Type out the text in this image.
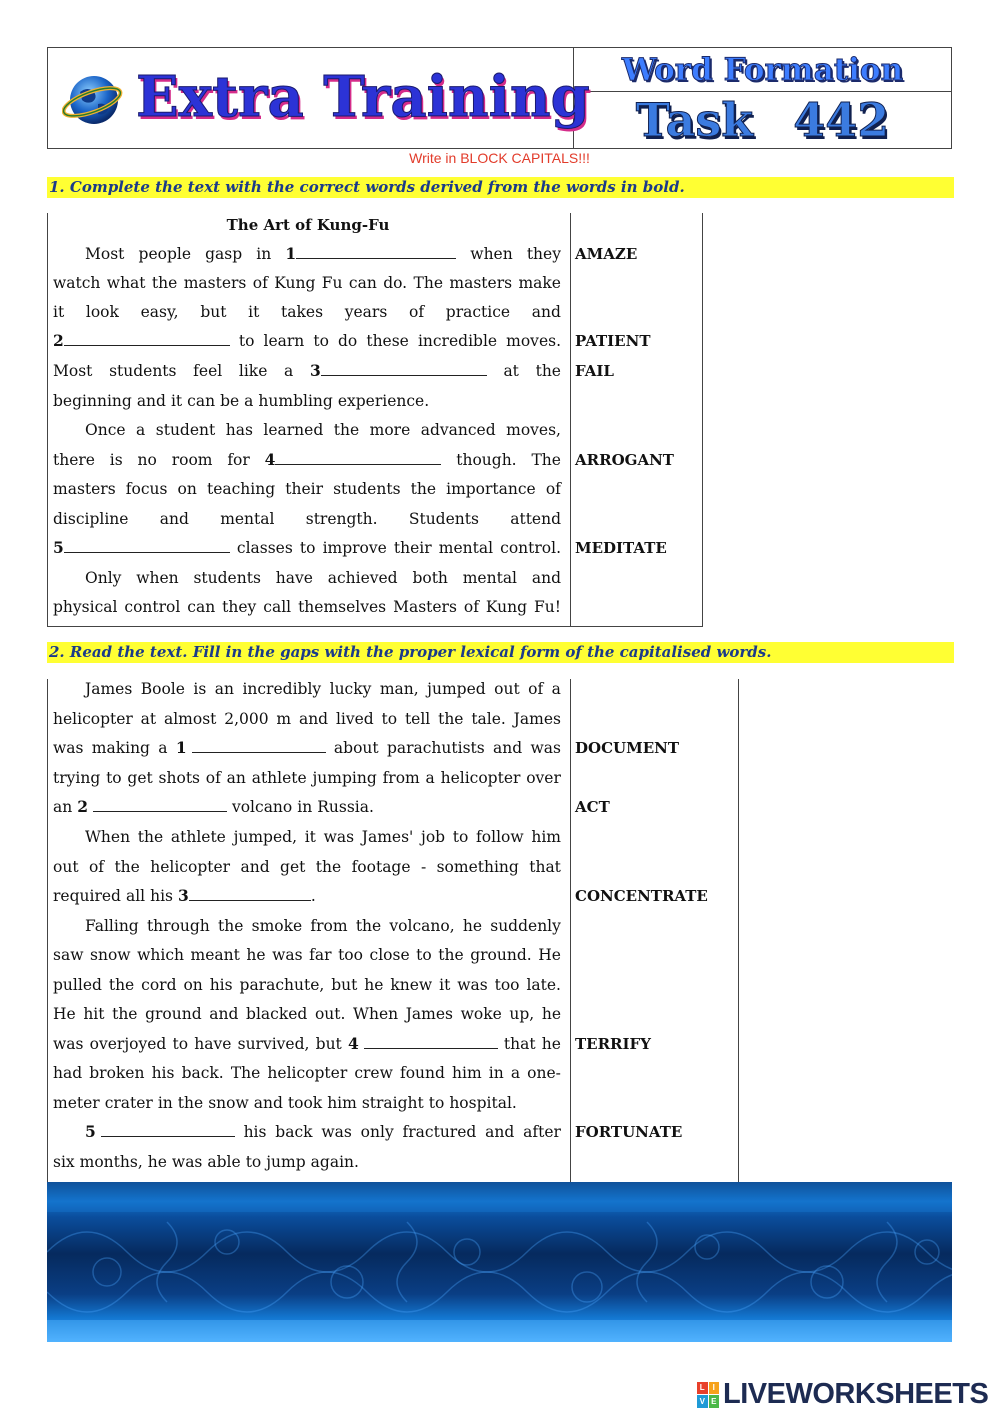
Extra Training Word Formation
Task 442
Write in BLOCK CAPITALS!!!
1. Complete the text with the correct words derived from the words in bold.
The Art of Kung-Fu
Most people gasp in 1	when they
watch what the masters of Kung Fu can do. The masters make
it look easy, but it takes years of practice and
2	to learn to do these incredible moves.
Most students feel like a 3	at the
beginning and it can be a humbling experience.
Once a student has learned the more advanced moves,
there is no room for 4	though. The
masters focus on teaching their students the importance of
discipline and mental strength. Students attend
5	classes to improve their mental control.
Only when students have achieved both mental and
physical control can they call themselves Masters of Kung Fu!
AMAZE
PATIENT
FAIL
ARROGANT
MEDITATE
2. Read the text. Fill in the gaps with the proper lexical form of the capitalised words.
James Boole is an incredibly lucky man, jumped out of a
helicopter at almost 2,000 m and lived to tell the tale. James
was making a 1	about parachutists and was
trying to get shots of an athlete jumping from a helicopter over
an 2	volcano in Russia.
When the athlete jumped, it was James' job to follow him
out of the helicopter and get the footage - something that
required all his 3	.
Falling through the smoke from the volcano, he suddenly
saw snow which meant he was far too close to the ground. He
pulled the cord on his parachute, but he knew it was too late.
He hit the ground and blacked out. When James woke up, he
was overjoyed to have survived, but 4	that he
had broken his back. The helicopter crew found him in a one-
meter crater in the snow and took him straight to hospital.
5	his back was only fractured and after
six months, he was able to jump again.
DOCUMENT
ACT
CONCENTRATE
TERRIFY
FORTUNATE
L I
V E LIVEWORKSHEETS
